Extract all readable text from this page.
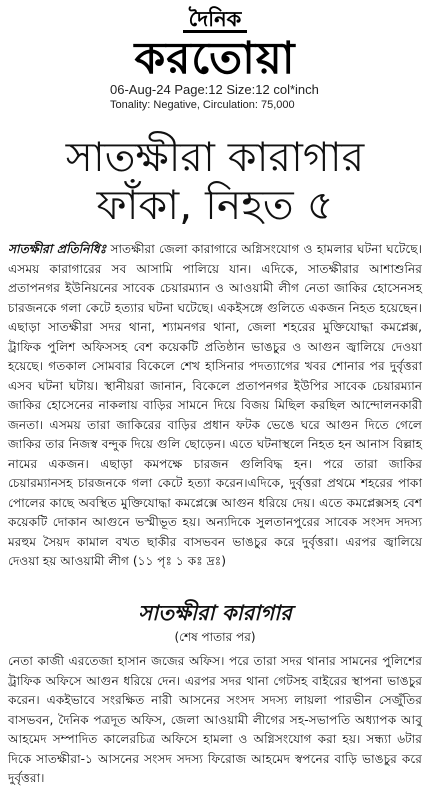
দৈনিক
করতোয়া
06-Aug-24 Page:12 Size:12 col*inch
Tonality: Negative, Circulation: 75,000
সাতক্ষীরা কারাগার
ফাঁকা, নিহত ৫
সাতক্ষীরা প্রতিনিধিঃ সাতক্ষীরা জেলা কারাগারে অগ্নিসংযোগ ও হামলার ঘটনা ঘটেছে। এসময় কারাগারের সব আসামি পালিয়ে যান। এদিকে, সাতক্ষীরার আশাশুনির প্রতাপনগর ইউনিয়নের সাবেক চেয়ারম্যান ও আওয়ামী লীগ নেতা জাকির হোসেনসহ চারজনকে গলা কেটে হত্যার ঘটনা ঘটেছে। একইসঙ্গে গুলিতে একজন নিহত হয়েছেন।এছাড়া সাতক্ষীরা সদর থানা, শ্যামনগর থানা, জেলা শহরের মুক্তিযোদ্ধা কমপ্লেক্স, ট্রাফিক পুলিশ অফিসসহ বেশ কয়েকটি প্রতিষ্ঠান ভাঙচুর ও আগুন জ্বালিয়ে দেওয়া হয়েছে। গতকাল সোমবার বিকেলে শেখ হাসিনার পদত্যাগের খবর শোনার পর দুর্বৃত্তরা এসব ঘটনা ঘটায়। স্থানীয়রা জানান, বিকেলে প্রতাপনগর ইউপির সাবেক চেয়ারম্যান জাকির হোসেনের নাকলায় বাড়ির সামনে দিয়ে বিজয় মিছিল করছিল আন্দোলনকারী জনতা। এসময় তারা জাকিরের বাড়ির প্রধান ফটক ভেঙে ঘরে আগুন দিতে গেলে জাকির তার নিজস্ব বন্দুক দিয়ে গুলি ছোড়েন। এতে ঘটনাস্থলে নিহত হন আনাস বিল্লাহ নামের একজন। এছাড়া কমপক্ষে চারজন গুলিবিদ্ধ হন। পরে তারা জাকির চেয়ারম্যানসহ চারজনকে গলা কেটে হত্যা করেন।এদিকে, দুর্বৃত্তরা প্রথমে শহরের পাকা পোলের কাছে অবস্থিত মুক্তিযোদ্ধা কমপ্লেক্সে আগুন ধরিয়ে দেয়। এতে কমপ্লেক্সসহ বেশ কয়েকটি দোকান আগুনে ভস্মীভূত হয়। অন্যদিকে সুলতানপুরের সাবেক সংসদ সদস্য মরহুম সৈয়দ কামাল বখত ছাকীর বাসভবন ভাঙচুর করে দুর্বৃত্তরা। এরপর জ্বালিয়ে দেওয়া হয় আওয়ামী লীগ (১১ পৃঃ ১ কঃ দ্রঃ)
সাতক্ষীরা কারাগার
(শেষ পাতার পর)
নেতা কাজী এরতেজা হাসান জজের অফিস। পরে তারা সদর থানার সামনের পুলিশের ট্রাফিক অফিসে আগুন ধরিয়ে দেন। এরপর সদর থানা গেটসহ বাইরের স্থাপনা ভাঙচুর করেন। একইভাবে সংরক্ষিত নারী আসনের সংসদ সদস্য লায়লা পারভীন সেজুঁতির বাসভবন, দৈনিক পত্রদূত অফিস, জেলা আওয়ামী লীগের সহ-সভাপতি অধ্যাপক আবু আহমেদ সম্পাদিত কালেরচিত্র অফিসে হামলা ও অগ্নিসংযোগ করা হয়। সন্ধ্যা ৬টার দিকে সাতক্ষীরা-১ আসনের সংসদ সদস্য ফিরোজ আহমেদ স্বপনের বাড়ি ভাঙচুর করে দুর্বৃত্তরা।
